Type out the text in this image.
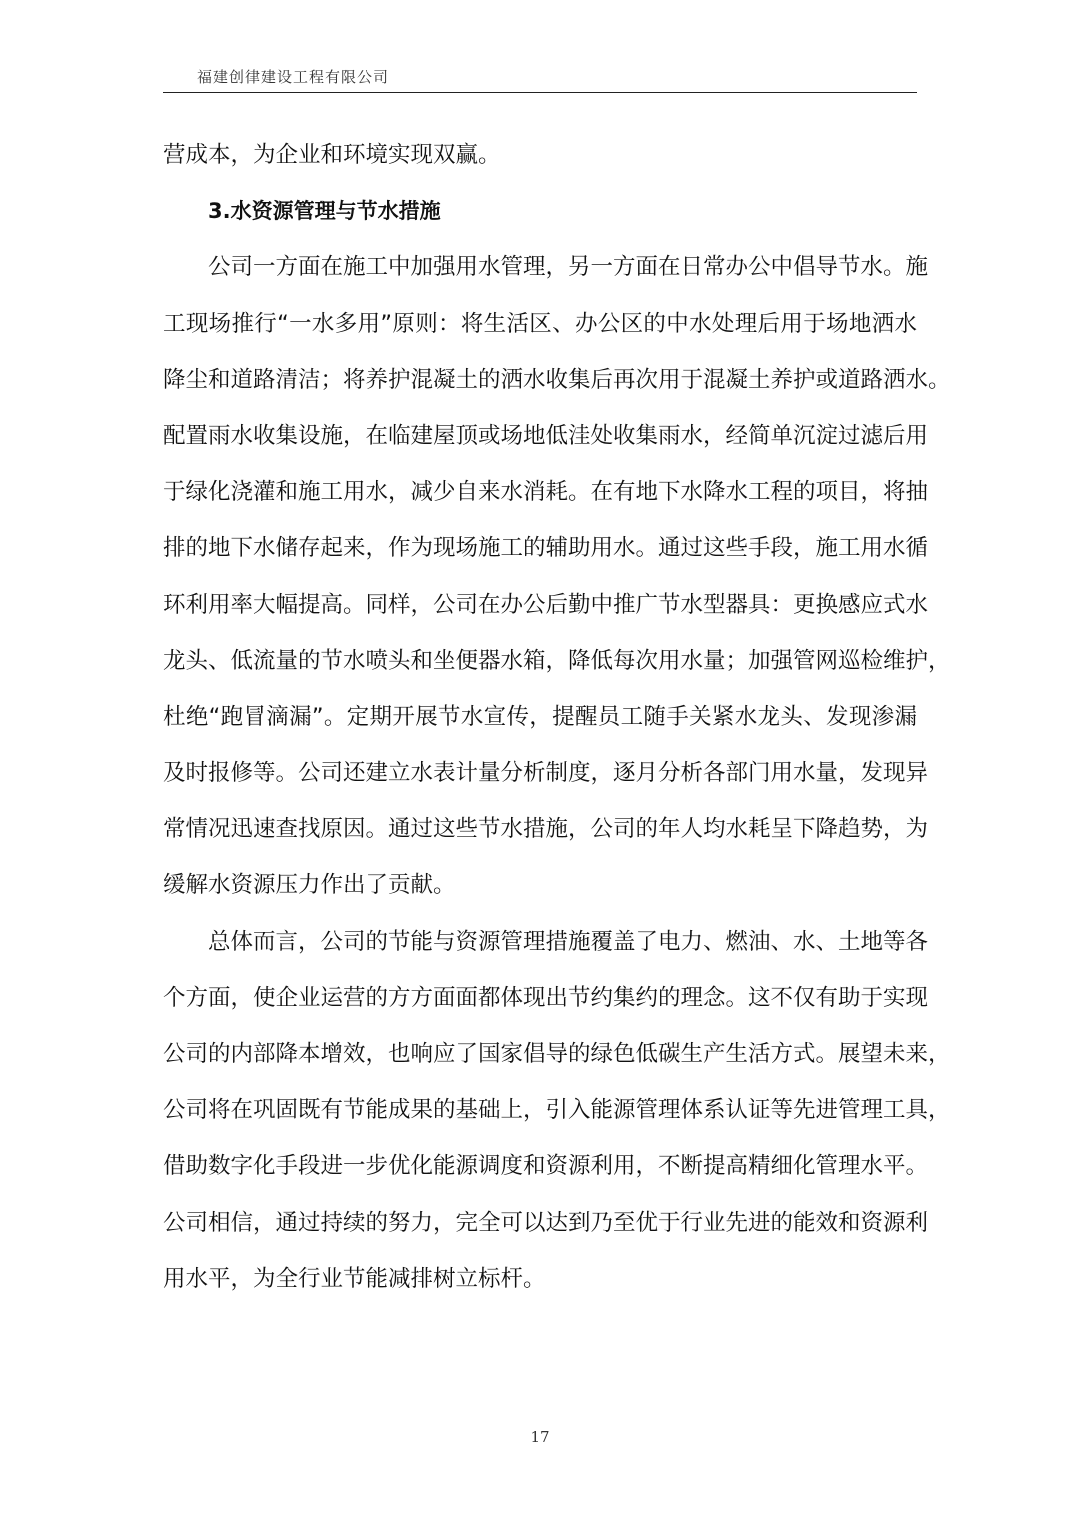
福建创律建设工程有限公司
营成本，为企业和环境实现双赢。
3.水资源管理与节水措施
公司一方面在施工中加强用水管理，另一方面在日常办公中倡导节水。施
工现场推行“一水多用”原则：将生活区、办公区的中水处理后用于场地洒水
降尘和道路清洁；将养护混凝土的洒水收集后再次用于混凝土养护或道路洒水。
配置雨水收集设施，在临建屋顶或场地低洼处收集雨水，经简单沉淀过滤后用
于绿化浇灌和施工用水，减少自来水消耗。在有地下水降水工程的项目，将抽
排的地下水储存起来，作为现场施工的辅助用水。通过这些手段，施工用水循
环利用率大幅提高。同样，公司在办公后勤中推广节水型器具：更换感应式水
龙头、低流量的节水喷头和坐便器水箱，降低每次用水量；加强管网巡检维护，
杜绝“跑冒滴漏”。定期开展节水宣传，提醒员工随手关紧水龙头、发现渗漏
及时报修等。公司还建立水表计量分析制度，逐月分析各部门用水量，发现异
常情况迅速查找原因。通过这些节水措施，公司的年人均水耗呈下降趋势，为
缓解水资源压力作出了贡献。
总体而言，公司的节能与资源管理措施覆盖了电力、燃油、水、土地等各
个方面，使企业运营的方方面面都体现出节约集约的理念。这不仅有助于实现
公司的内部降本增效，也响应了国家倡导的绿色低碳生产生活方式。展望未来，
公司将在巩固既有节能成果的基础上，引入能源管理体系认证等先进管理工具，
借助数字化手段进一步优化能源调度和资源利用，不断提高精细化管理水平。
公司相信，通过持续的努力，完全可以达到乃至优于行业先进的能效和资源利
用水平，为全行业节能减排树立标杆。
17
